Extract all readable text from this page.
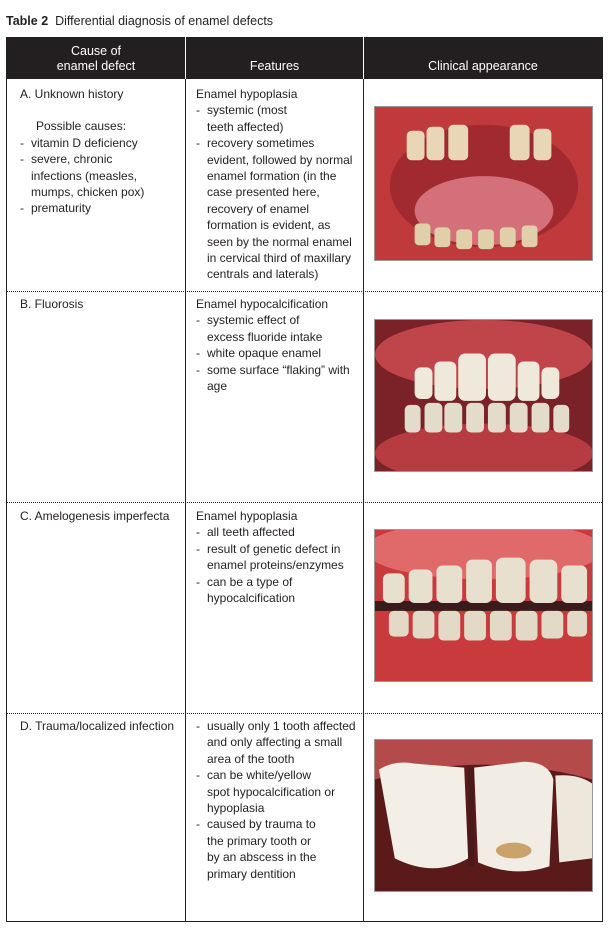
Table 2 Differential diagnosis of enamel defects
Cause of
enamel defect	Features	Clinical appearance
A. Unknown history
Possible causes:
- vitamin D deficiency
- severe, chronic infections (measles, mumps, chicken pox)
- prematurity
Enamel hypoplasia
- systemic (most teeth affected)
- recovery sometimes evident, followed by normal enamel formation (in the case presented here, recovery of enamel formation is evident, as seen by the normal enamel in cervical third of maxillary centrals and laterals)
B. Fluorosis	Enamel hypocalcification
- systemic effect of excess fluoride intake
- white opaque enamel
- some surface “flaking” with age
C. Amelogenesis imperfecta	Enamel hypoplasia
- all teeth affected
- result of genetic defect in enamel proteins/enzymes
- can be a type of hypocalcification
D. Trauma/localized infection
-	usually only 1 tooth affected and only affecting a small area of the tooth
- can be white/yellow spot hypocalcification or hypoplasia
- caused by trauma to the primary tooth or by an abscess in the primary dentition
